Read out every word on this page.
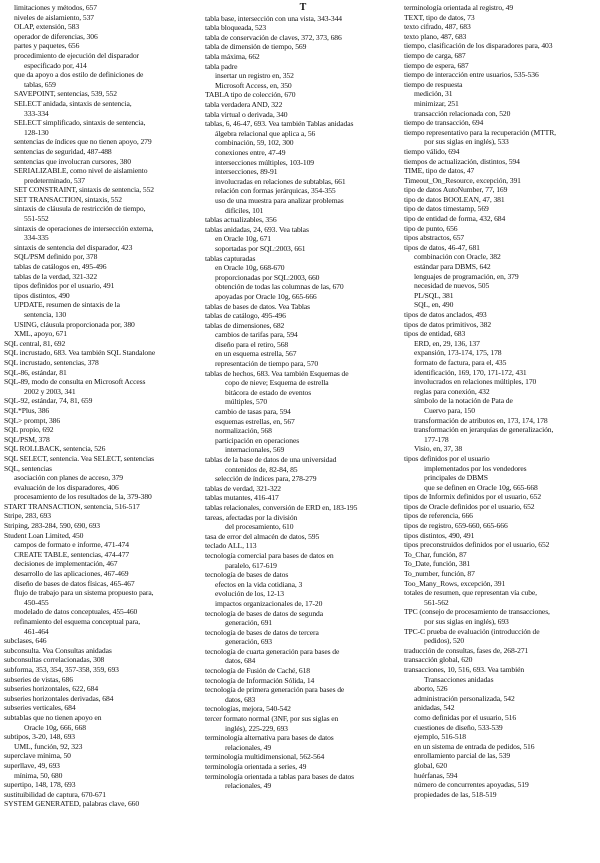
limitaciones y métodos, 657
niveles de aislamiento, 537
OLAP, extensión, 583
operador de diferencias, 306
partes y paquetes, 656
procedimiento de ejecución del disparador
especificado por, 414
que da apoyo a dos estilo de definiciones de
tablas, 659
SAVEPOINT, sentencias, 539, 552
SELECT anidada, sintaxis de sentencia,
333-334
SELECT simplificado, sintaxis de sentencia,
128-130
sentencias de índices que no tienen apoyo, 279
sentencias de seguridad, 487-488
sentencias que involucran cursores, 380
SERIALIZABLE, como nivel de aislamiento
predeterminado, 537
SET CONSTRAINT, sintaxis de sentencia, 552
SET TRANSACTION, sintaxis, 552
sintaxis de cláusula de restricción de tiempo,
551-552
sintaxis de operaciones de intersección externa,
334-335
sintaxis de sentencia del disparador, 423
SQL/PSM definido por, 378
tablas de catálogos en, 495-496
tablas de la verdad, 321-322
tipos definidos por el usuario, 491
tipos distintos, 490
UPDATE, resumen de sintaxis de la
sentencia, 130
USING, cláusula proporcionada por, 380
XML, apoyo, 671
SQL central, 81, 692
SQL incrustado, 683. Vea también SQL Standalone
SQL incrustado, sentencias, 378
SQL-86, estándar, 81
SQL-89, modo de consulta en Microsoft Access
2002 y 2003, 341
SQL-92, estándar, 74, 81, 659
SQL*Plus, 386
SQL> prompt, 386
SQL propio, 692
SQL/PSM, 378
SQL ROLLBACK, sentencia, 526
SQL SELECT, sentencia. Vea SELECT, sentencias
SQL, sentencias
asociación con planes de acceso, 379
evaluación de los disparadores, 406
procesamiento de los resultados de la, 379-380
START TRANSACTION, sentencia, 516-517
Stripe, 283, 693
Striping, 283-284, 590, 690, 693
Student Loan Limited, 450
campos de formato e informe, 471-474
CREATE TABLE, sentencias, 474-477
decisiones de implementación, 467
desarrollo de las aplicaciones, 467-469
diseño de bases de datos físicas, 465-467
flujo de trabajo para un sistema propuesto para,
450-455
modelado de datos conceptuales, 455-460
refinamiento del esquema conceptual para,
461-464
subclases, 646
subconsulta. Vea Consultas anidadas
subconsultas correlacionadas, 308
subforma, 353, 354, 357-358, 359, 693
subseries de vistas, 686
subseries horizontales, 622, 684
subseries horizontales derivadas, 684
subseries verticales, 684
subtablas que no tienen apoyo en
Oracle 10g, 666, 668
subtipos, 3-20, 148, 693
UML, función, 92, 323
superclave mínima, 50
superllave, 49, 693
mínima, 50, 680
supertipo, 148, 178, 693
sustituibilidad de captura, 670-671
SYSTEM GENERATED, palabras clave, 660
T
tabla base, intersección con una vista, 343-344
tabla bloqueada, 523
tabla de conservación de claves, 372, 373, 686
tabla de dimensión de tiempo, 569
tabla máxima, 662
tabla padre
insertar un registro en, 352
Microsoft Access, en, 350
TABLA tipo de colección, 670
tabla verdadera AND, 322
tabla virtual o derivada, 340
tablas, 6, 46-47, 693. Vea también Tablas anidadas
álgebra relacional que aplica a, 56
combinación, 59, 102, 300
conexiones entre, 47-49
intersecciones múltiples, 103-109
intersecciones, 89-91
involucradas en relaciones de subtablas, 661
relación con formas jerárquicas, 354-355
uso de una muestra para analizar problemas
difíciles, 101
tablas actualizables, 356
tablas anidadas, 24, 693. Vea tablas
en Oracle 10g, 671
soportadas por SQL:2003, 661
tablas capturadas
en Oracle 10g, 668-670
proporcionadas por SQL:2003, 660
obtención de todas las columnas de las, 670
apoyadas por Oracle 10g, 665-666
tablas de bases de datos. Vea Tablas
tablas de catálogo, 495-496
tablas de dimensiones, 682
cambios de tarifas para, 594
diseño para el retiro, 568
en un esquema estrella, 567
representación de tiempo para, 570
tablas de hechos, 683. Vea también Esquemas de
copo de nieve; Esquema de estrella
bitácora de estado de eventos
múltiples, 570
cambio de tasas para, 594
esquemas estrellas, en, 567
normalización, 568
participación en operaciones
internacionales, 569
tablas de la base de datos de una universidad
contenidos de, 82-84, 85
selección de índices para, 278-279
tablas de verdad, 321-322
tablas mutantes, 416-417
tablas relacionales, conversión de ERD en, 183-195
tareas, afectadas por la división
del procesamiento, 610
tasa de error del almacén de datos, 595
teclado ALL, 113
tecnología comercial para bases de datos en
paralelo, 617-619
tecnología de bases de datos
efectos en la vida cotidiana, 3
evolución de los, 12-13
impactos organizacionales de, 17-20
tecnología de bases de datos de segunda
generación, 691
tecnología de bases de datos de tercera
generación, 693
tecnología de cuarta generación para bases de
datos, 684
tecnología de Fusión de Caché, 618
tecnología de Información Sólida, 14
tecnología de primera generación para bases de
datos, 683
tecnologías, mejora, 540-542
tercer formato normal (3NF, por sus siglas en
inglés), 225-229, 693
terminología alternativa para bases de datos
relacionales, 49
terminología multidimensional, 562-564
terminología orientada a series, 49
terminología orientada a tablas para bases de datos
relacionales, 49
terminología orientada al registro, 49
TEXT, tipo de datos, 73
texto cifrado, 487, 683
texto plano, 487, 683
tiempo, clasificación de los disparadores para, 403
tiempo de carga, 687
tiempo de espera, 687
tiempo de interacción entre usuarios, 535-536
tiempo de respuesta
medición, 31
minimizar, 251
transacción relacionada con, 520
tiempo de transacción, 694
tiempo representativo para la recuperación (MTTR,
por sus siglas en inglés), 533
tiempo válido, 694
tiempos de actualización, distintos, 594
TIME, tipo de datos, 47
Timeout_On_Resource, excepción, 391
tipo de datos AutoNumber, 77, 169
tipo de datos BOOLEAN, 47, 381
tipo de datos timestamp, 569
tipo de entidad de forma, 432, 684
tipo de punto, 656
tipos abstractos, 657
tipos de datos, 46-47, 681
combinación con Oracle, 382
estándar para DBMS, 642
lenguajes de programación, en, 379
necesidad de nuevos, 505
PL/SQL, 381
SQL, en, 490
tipos de datos anclados, 493
tipos de datos primitivos, 382
tipos de entidad, 683
ERD, en, 29, 136, 137
expansión, 173-174, 175, 178
formato de factura, para el, 435
identificación, 169, 170, 171-172, 431
involucrados en relaciones múltiples, 170
reglas para conexión, 432
símbolo de la notación de Pata de
Cuervo para, 150
transformación de atributos en, 173, 174, 178
transformación en jerarquías de generalización,
177-178
Visio, en, 37, 38
tipos definidos por el usuario
implementados por los vendedores
principales de DBMS
que se definen en Oracle 10g, 665-668
tipos de Informix definidos por el usuario, 652
tipos de Oracle definidos por el usuario, 652
tipos de referencia, 666
tipos de registro, 659-660, 665-666
tipos distintos, 490, 491
tipos preconstruidos definidos por el usuario, 652
To_Char, función, 87
To_Date, función, 381
To_number, función, 87
Too_Many_Rows, excepción, 391
totales de resumen, que representan vía cube,
561-562
TPC (consejo de procesamiento de transacciones,
por sus siglas en inglés), 693
TPC-C prueba de evaluación (introducción de
pedidos), 520
traducción de consultas, fases de, 268-271
transacción global, 620
transacciones, 10, 516, 693. Vea también
Transacciones anidadas
aborto, 526
administración personalizada, 542
anidadas, 542
como definidas por el usuario, 516
cuestiones de diseño, 533-539
ejemplo, 516-518
en un sistema de entrada de pedidos, 516
enrollamiento parcial de las, 539
global, 620
huérfanas, 594
número de concurrentes apoyadas, 519
propiedades de las, 518-519
